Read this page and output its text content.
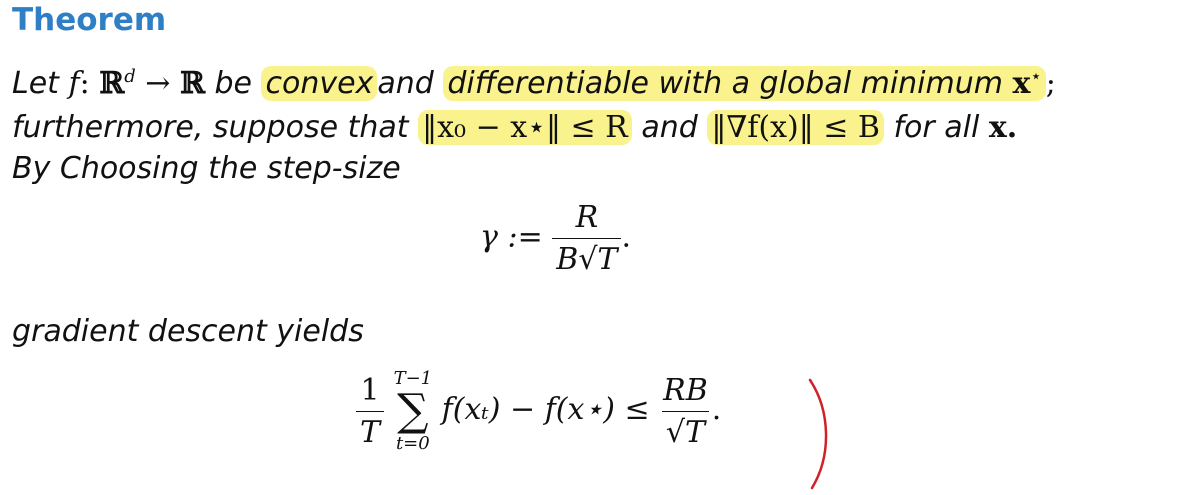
Theorem
Let f: ℝ$^d$ → ℝ be convex and differentiable with a global minimum x⋆ ;
furthermore, suppose that ‖x₀ − x⋆‖ ≤ R and ‖∇f(x)‖ ≤ B for all x.
By Choosing the step-size
γ := $\frac{R}{B√T}$ .
gradient descent yields
$\frac{1}{T}$
T−1
∑
t=0
f(xₜ) − f(x⋆) ≤ $\frac{RB}{√T}$ .
